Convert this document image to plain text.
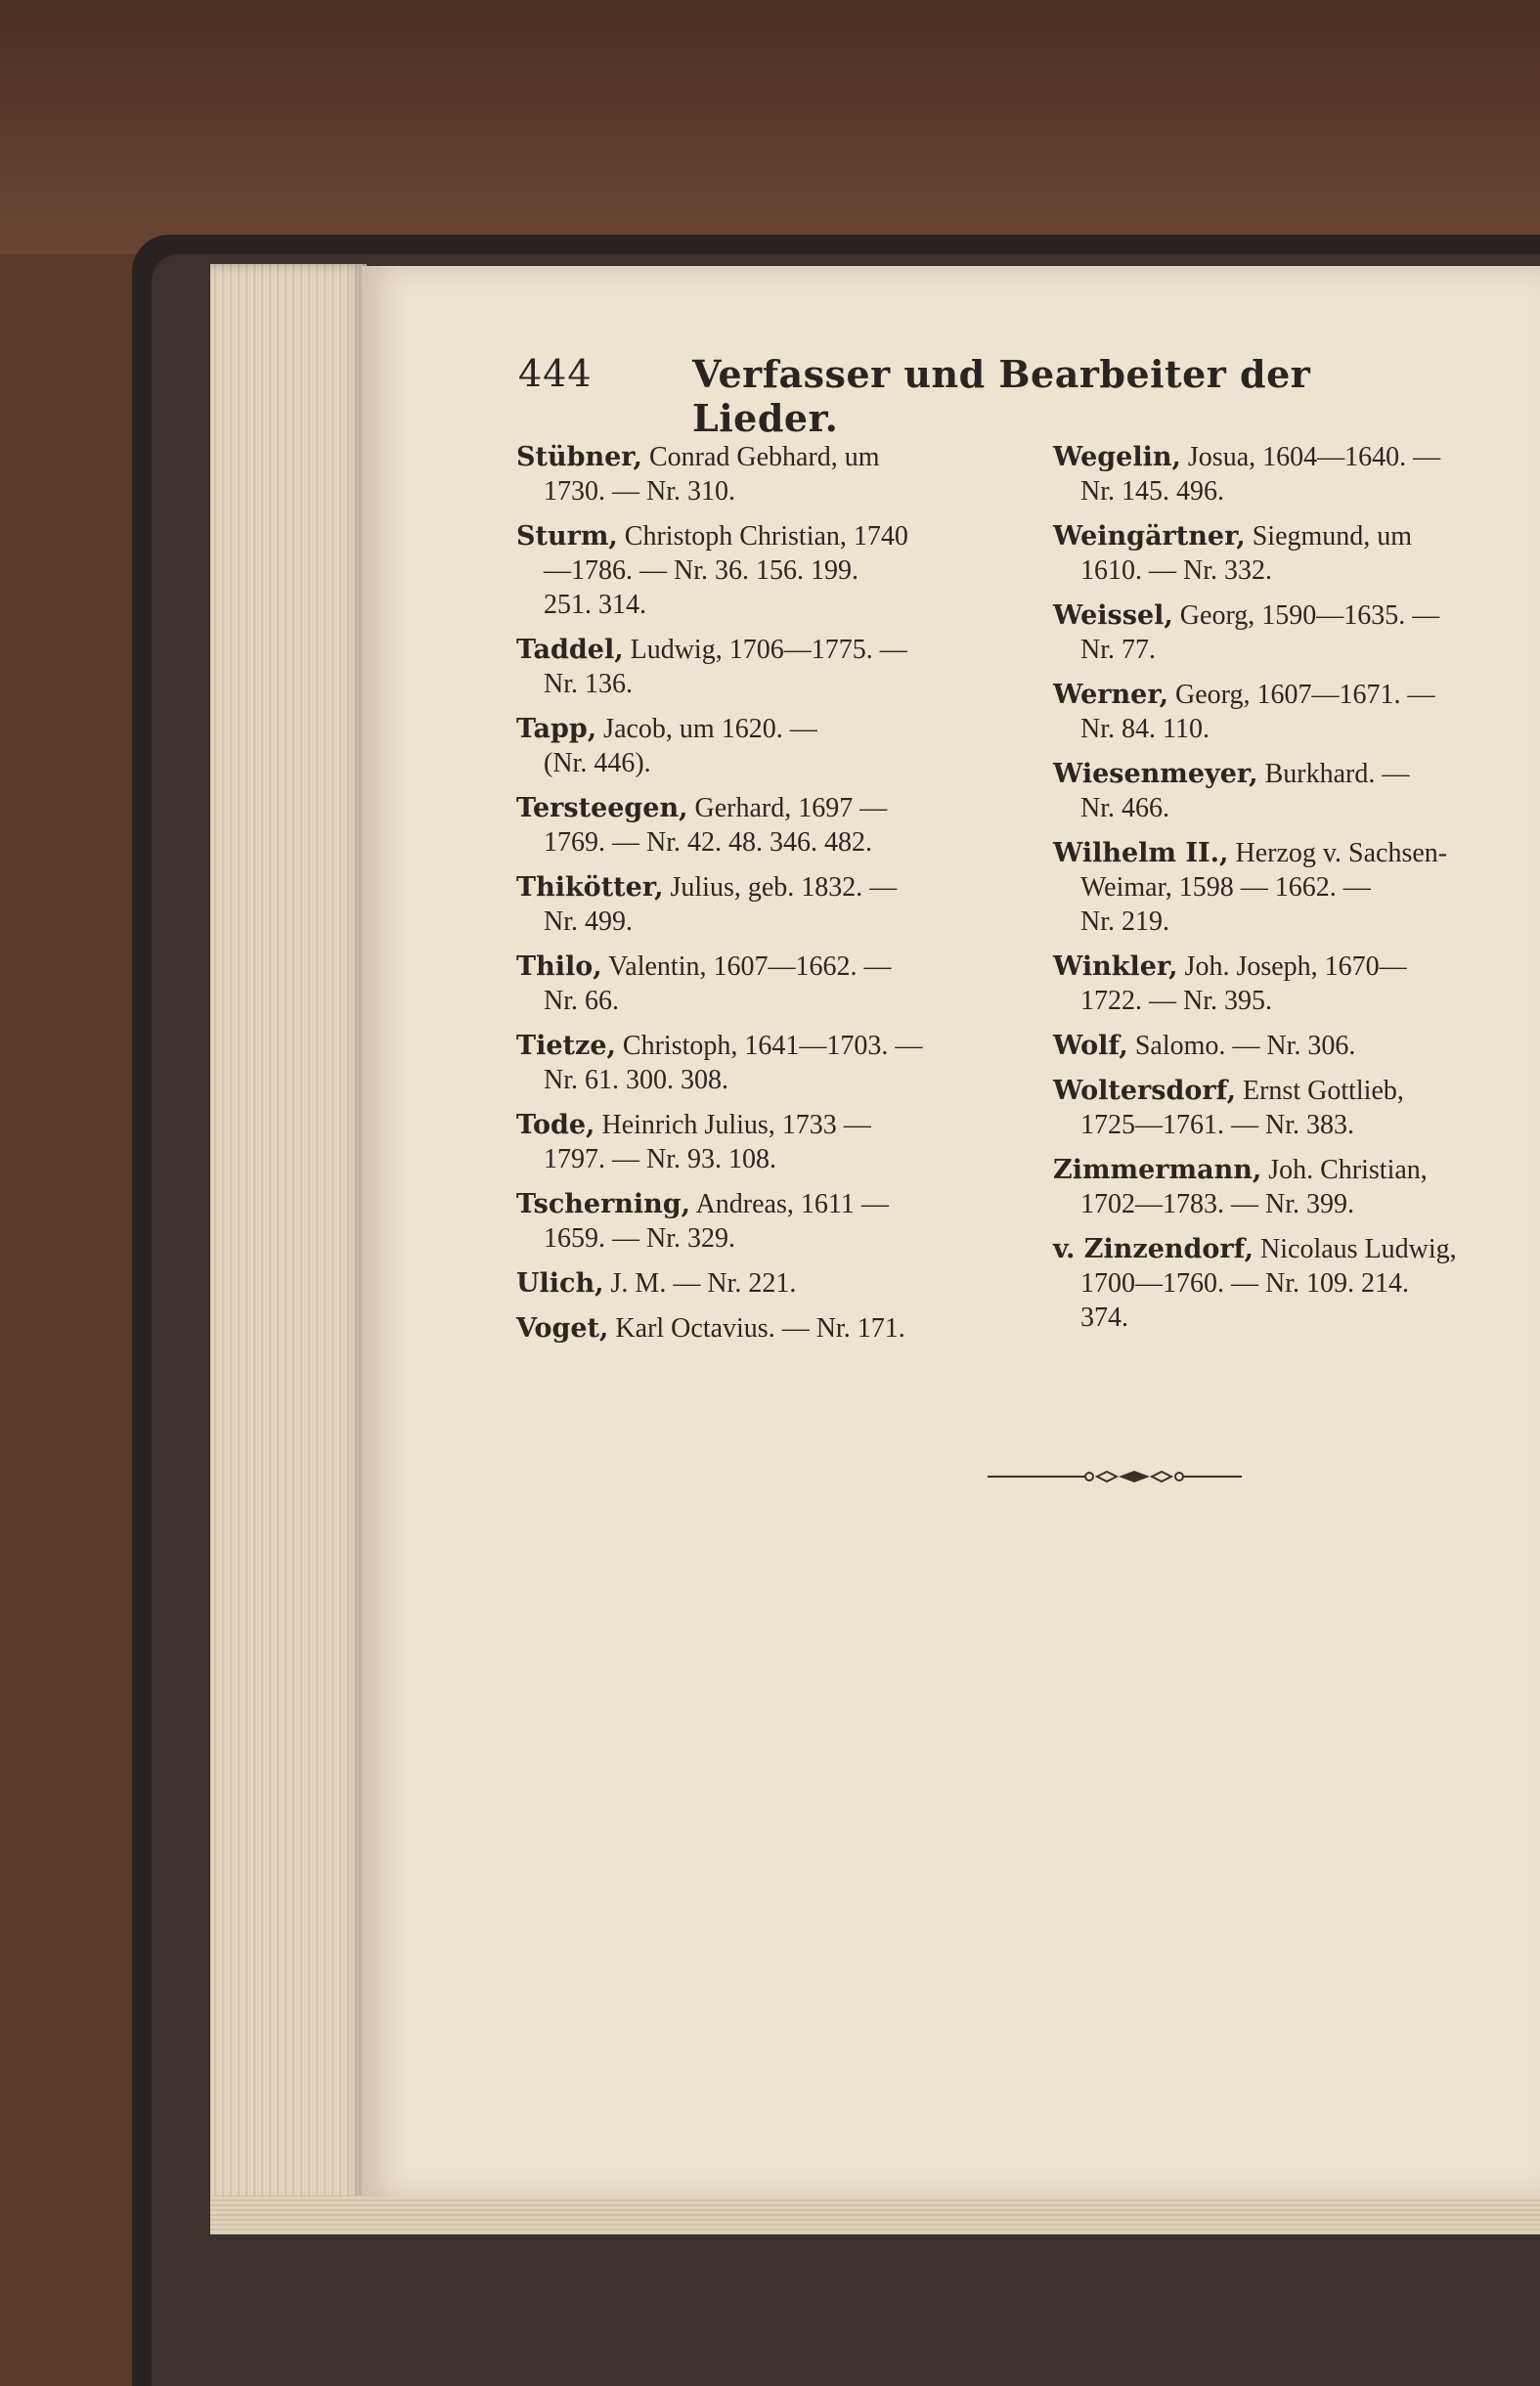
444	Verfasser und Bearbeiter der Lieder.
Stübner, Conrad Gebhard, um
1730. — Nr. 310.
Sturm, Christoph Christian, 1740
—1786. — Nr. 36. 156. 199.
251. 314.
Taddel, Ludwig, 1706—1775. —
Nr. 136.
Tapp, Jacob, um 1620. —
(Nr. 446).
Tersteegen, Gerhard, 1697 —
1769. — Nr. 42. 48. 346. 482.
Thikötter, Julius, geb. 1832. —
Nr. 499.
Thilo, Valentin, 1607—1662. —
Nr. 66.
Tietze, Christoph, 1641—1703. —
Nr. 61. 300. 308.
Tode, Heinrich Julius, 1733 —
1797. — Nr. 93. 108.
Tscherning, Andreas, 1611 —
1659. — Nr. 329.
Ulich, J. M. — Nr. 221.
Voget, Karl Octavius. — Nr. 171.
Wegelin, Josua, 1604—1640. —
Nr. 145. 496.
Weingärtner, Siegmund, um
1610. — Nr. 332.
Weissel, Georg, 1590—1635. —
Nr. 77.
Werner, Georg, 1607—1671. —
Nr. 84. 110.
Wiesenmeyer, Burkhard. —
Nr. 466.
Wilhelm II., Herzog v. Sachsen-
Weimar, 1598 — 1662. —
Nr. 219.
Winkler, Joh. Joseph, 1670—
1722. — Nr. 395.
Wolf, Salomo. — Nr. 306.
Woltersdorf, Ernst Gottlieb,
1725—1761. — Nr. 383.
Zimmermann, Joh. Christian,
1702—1783. — Nr. 399.
v. Zinzendorf, Nicolaus Ludwig,
1700—1760. — Nr. 109. 214.
374.
